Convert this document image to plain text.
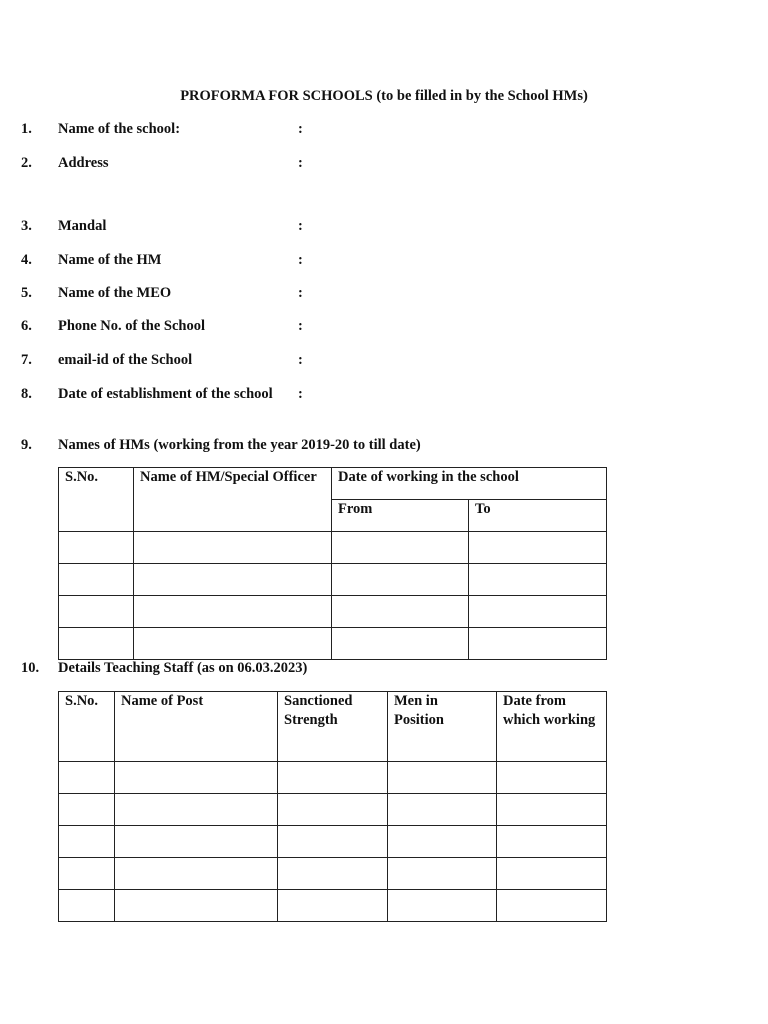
PROFORMA FOR SCHOOLS (to be filled in by the School HMs)
1. Name of the school:	:
2. Address	:
3. Mandal	:
4. Name of the HM	:
5. Name of the MEO	:
6. Phone No. of the School	:
7. email-id of the School	:
8. Date of establishment of the school :
9. Names of HMs (working from the year 2019-20 to till date)
S.No.	Name of HM/Special Officer	Date of working in the school	

		From	To

10. Details Teaching Staff (as on 06.03.2023)
S.No.	Name of Post	Sanctioned Strength	Men in Position	Date from which working
